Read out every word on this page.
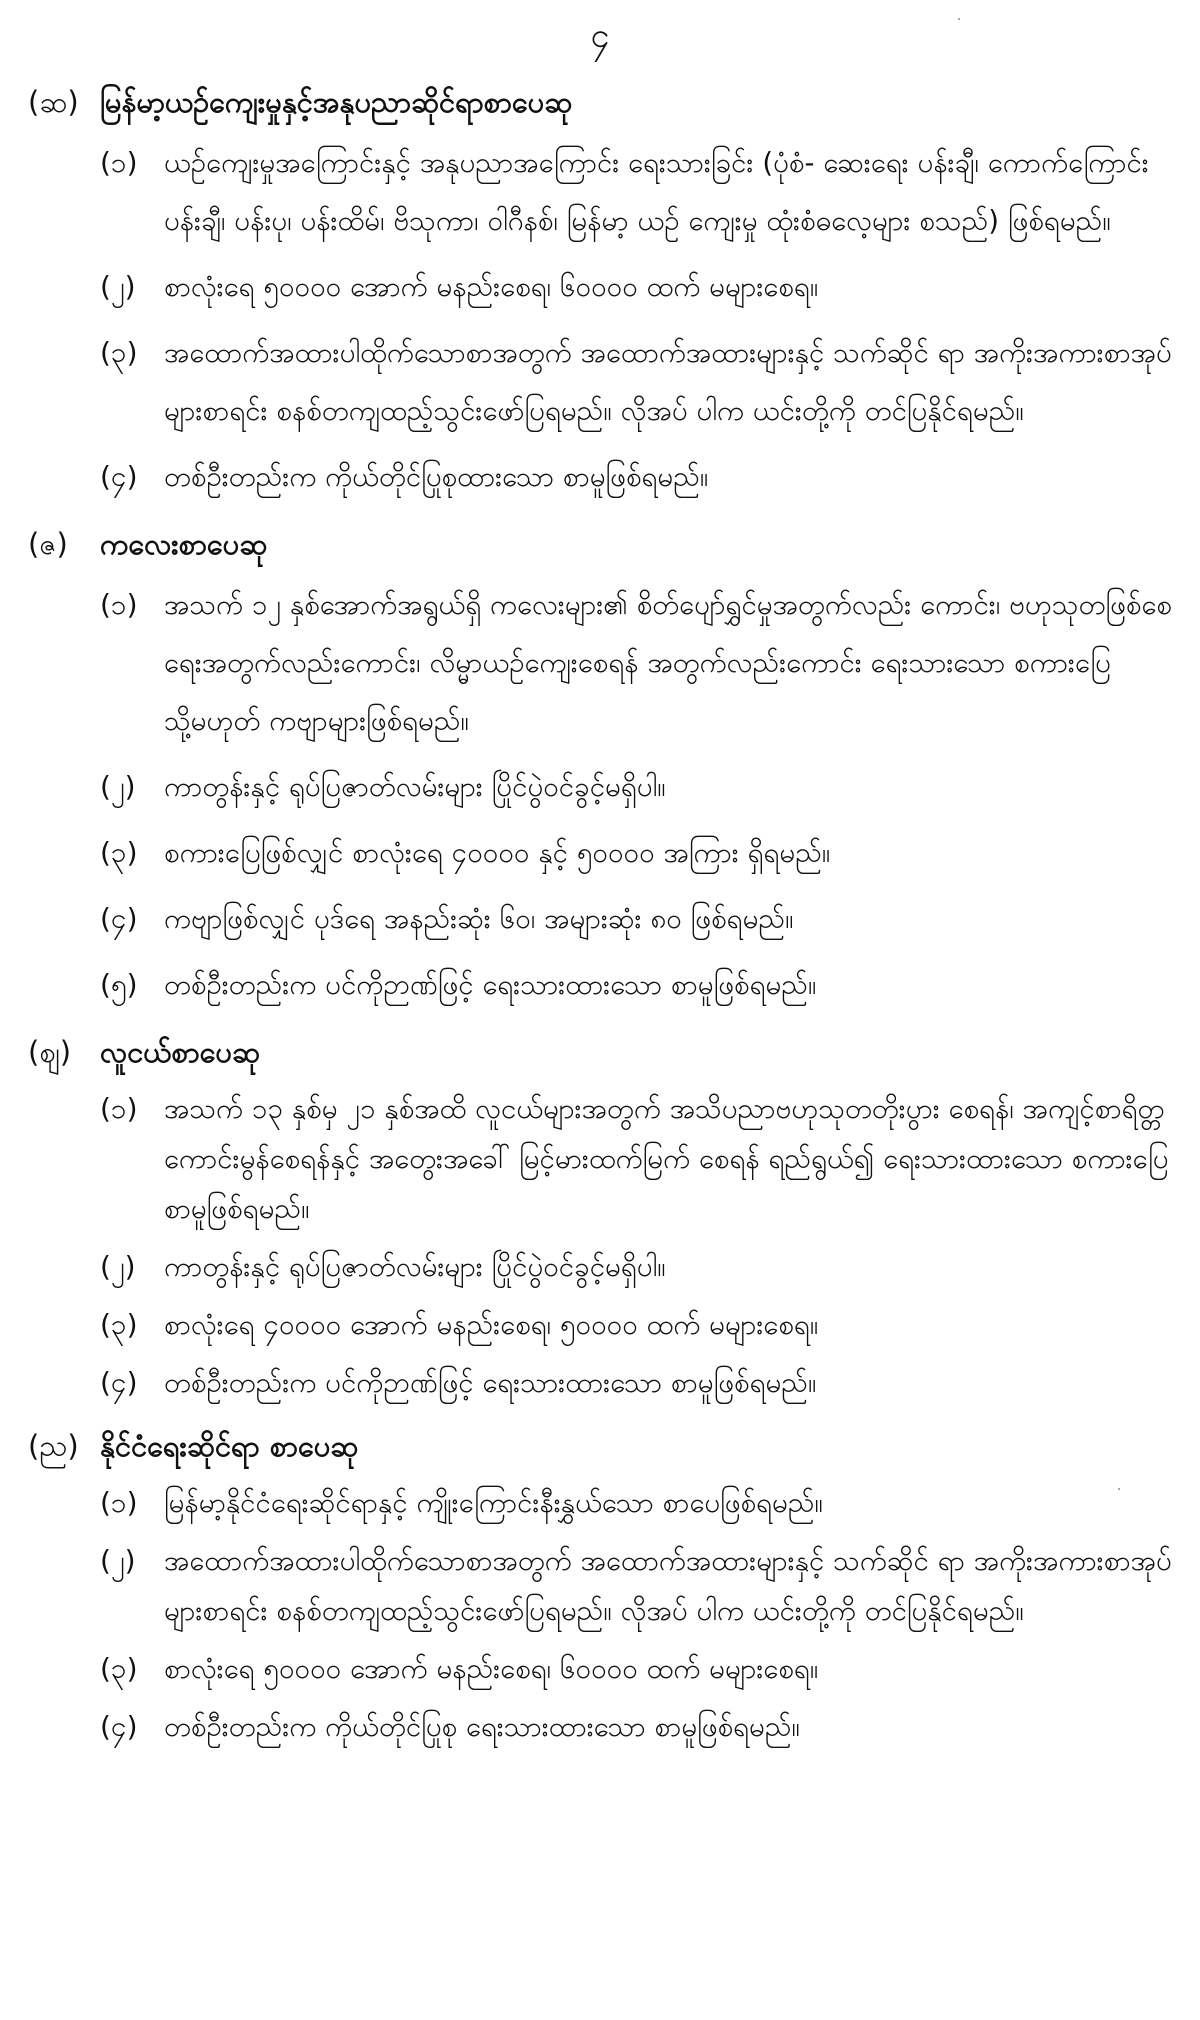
၄
(ဆ) မြန်မာ့ယဉ်ကျေးမှုနှင့်အနုပညာဆိုင်ရာစာပေဆု
(၁) ယဉ်ကျေးမှုအကြောင်းနှင့် အနုပညာအကြောင်း ရေးသားခြင်း (ပုံစံ- ဆေးရေး ပန်းချီ၊ ကောက်ကြောင်းပန်းချီ၊ ပန်းပု၊ ပန်းထိမ်၊ ဗိသုကာ၊ ဝါဂီနစ်၊ မြန်မာ့ ယဉ် ကျေးမှု ထုံးစံဓလေ့များ စသည်) ဖြစ်ရမည်။
(၂)	စာလုံးရေ ၅၀၀၀၀ အောက် မနည်းစေရ၊ ၆၀၀၀၀ ထက် မများစေရ။
(၃) အထောက်အထားပါထိုက်သောစာအတွက် အထောက်အထားများနှင့် သက်ဆိုင် ရာ အကိုးအကားစာအုပ်များစာရင်း စနစ်တကျထည့်သွင်းဖော်ပြရမည်။ လိုအပ် ပါက ယင်းတို့ကို တင်ပြနိုင်ရမည်။
(၄) တစ်ဦးတည်းက ကိုယ်တိုင်ပြုစုထားသော စာမူဖြစ်ရမည်။
(ဇ)	ကလေးစာပေဆု
(၁) အသက် ၁၂ နှစ်အောက်အရွယ်ရှိ ကလေးများ၏ စိတ်ပျော်ရွှင်မှုအတွက်လည်း ကောင်း၊ ဗဟုသုတဖြစ်စေရေးအတွက်လည်းကောင်း၊ လိမ္မာယဉ်ကျေးစေရန် အတွက်လည်းကောင်း ရေးသားသော စကားပြေ သို့မဟုတ် ကဗျာများဖြစ်ရမည်။
(၂)	ကာတွန်းနှင့် ရုပ်ပြဇာတ်လမ်းများ ပြိုင်ပွဲဝင်ခွင့်မရှိပါ။
(၃) စကားပြေဖြစ်လျှင် စာလုံးရေ ၄၀၀၀၀ နှင့် ၅၀၀၀၀ အကြား ရှိရမည်။
(၄) ကဗျာဖြစ်လျှင် ပုဒ်ရေ အနည်းဆုံး ၆၀၊ အများဆုံး ၈၀ ဖြစ်ရမည်။
(၅) တစ်ဦးတည်းက ပင်ကိုဉာဏ်ဖြင့် ရေးသားထားသော စာမူဖြစ်ရမည်။
(ဈ) လူငယ်စာပေဆု
(၁) အသက် ၁၃ နှစ်မှ ၂၁ နှစ်အထိ လူငယ်များအတွက် အသိပညာဗဟုသုတတိုးပွား စေရန်၊ အကျင့်စာရိတ္တ ကောင်းမွန်စေရန်နှင့် အတွေးအခေါ် မြင့်မားထက်မြက် စေရန် ရည်ရွယ်၍ ရေးသားထားသော စကားပြေစာမူဖြစ်ရမည်။
(၂)	ကာတွန်းနှင့် ရုပ်ပြဇာတ်လမ်းများ ပြိုင်ပွဲဝင်ခွင့်မရှိပါ။
(၃) စာလုံးရေ ၄၀၀၀၀ အောက် မနည်းစေရ၊ ၅၀၀၀၀ ထက် မများစေရ။
(၄) တစ်ဦးတည်းက ပင်ကိုဉာဏ်ဖြင့် ရေးသားထားသော စာမူဖြစ်ရမည်။
(ည) နိုင်ငံရေးဆိုင်ရာ စာပေဆု
(၁) မြန်မာ့နိုင်ငံရေးဆိုင်ရာနှင့် ကျိုးကြောင်းနီးနွှယ်သော စာပေဖြစ်ရမည်။
(၂)	အထောက်အထားပါထိုက်သောစာအတွက် အထောက်အထားများနှင့် သက်ဆိုင် ရာ အကိုးအကားစာအုပ်များစာရင်း စနစ်တကျထည့်သွင်းဖော်ပြရမည်။ လိုအပ် ပါက ယင်းတို့ကို တင်ပြနိုင်ရမည်။
(၃) စာလုံးရေ ၅၀၀၀၀ အောက် မနည်းစေရ၊ ၆၀၀၀၀ ထက် မများစေရ။
(၄) တစ်ဦးတည်းက ကိုယ်တိုင်ပြုစု ရေးသားထားသော စာမူဖြစ်ရမည်။
